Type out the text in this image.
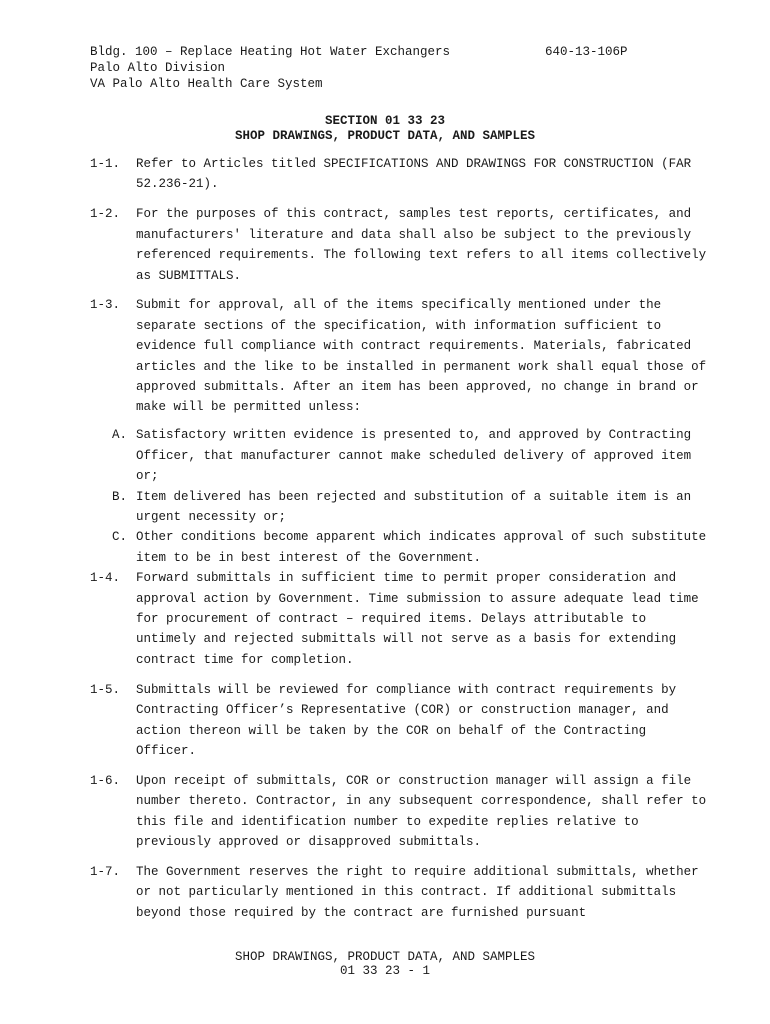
Bldg. 100 – Replace Heating Hot Water Exchangers
Palo Alto Division
VA Palo Alto Health Care System
640-13-106P
SECTION 01 33 23
SHOP DRAWINGS, PRODUCT DATA, AND SAMPLES
1-1. Refer to Articles titled SPECIFICATIONS AND DRAWINGS FOR CONSTRUCTION (FAR 52.236-21).
1-2. For the purposes of this contract, samples test reports, certificates, and manufacturers' literature and data shall also be subject to the previously referenced requirements. The following text refers to all items collectively as SUBMITTALS.
1-3. Submit for approval, all of the items specifically mentioned under the separate sections of the specification, with information sufficient to evidence full compliance with contract requirements. Materials, fabricated articles and the like to be installed in permanent work shall equal those of approved submittals. After an item has been approved, no change in brand or make will be permitted unless:
A. Satisfactory written evidence is presented to, and approved by Contracting Officer, that manufacturer cannot make scheduled delivery of approved item or;
B. Item delivered has been rejected and substitution of a suitable item is an urgent necessity or;
C. Other conditions become apparent which indicates approval of such substitute item to be in best interest of the Government.
1-4. Forward submittals in sufficient time to permit proper consideration and approval action by Government. Time submission to assure adequate lead time for procurement of contract – required items. Delays attributable to untimely and rejected submittals will not serve as a basis for extending contract time for completion.
1-5. Submittals will be reviewed for compliance with contract requirements by Contracting Officer’s Representative (COR) or construction manager, and action thereon will be taken by the COR on behalf of the Contracting Officer.
1-6. Upon receipt of submittals, COR or construction manager will assign a file number thereto. Contractor, in any subsequent correspondence, shall refer to this file and identification number to expedite replies relative to previously approved or disapproved submittals.
1-7. The Government reserves the right to require additional submittals, whether or not particularly mentioned in this contract. If additional submittals beyond those required by the contract are furnished pursuant
SHOP DRAWINGS, PRODUCT DATA, AND SAMPLES
01 33 23 - 1
